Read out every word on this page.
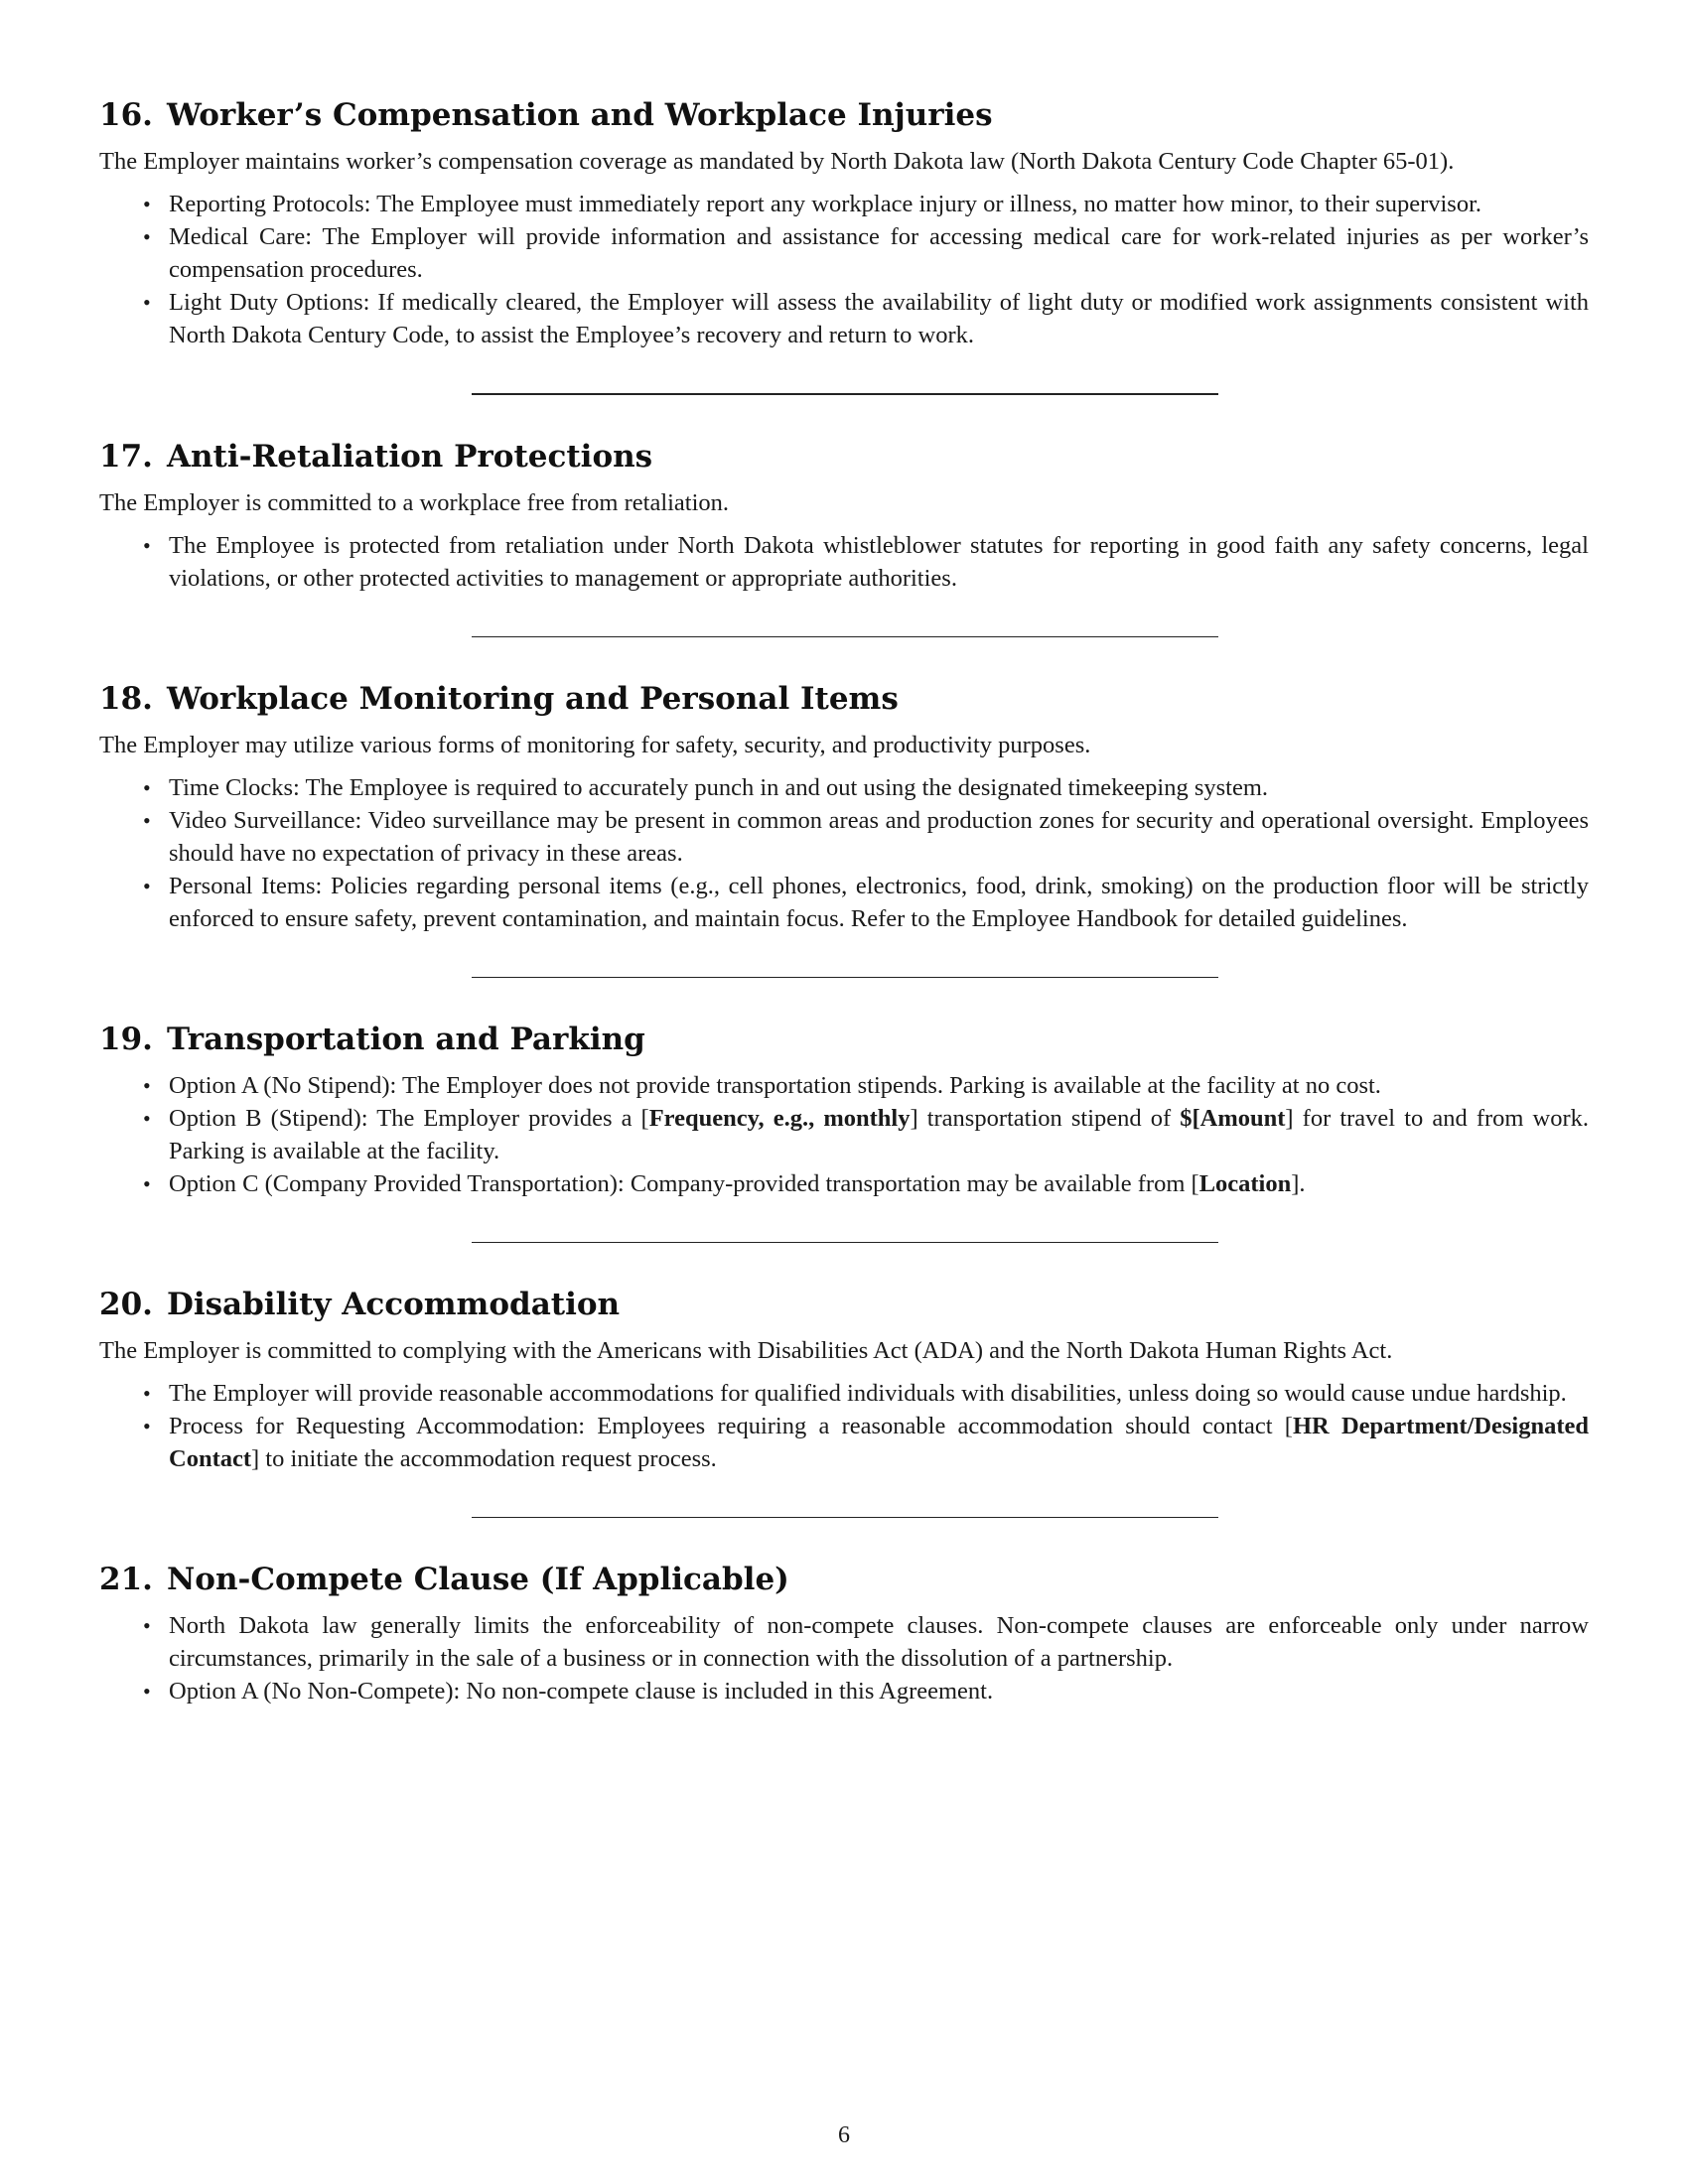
16. Worker’s Compensation and Workplace Injuries

The Employer maintains worker’s compensation coverage as mandated by North Dakota law (North Dakota Century Code Chapter 65-01).

• Reporting Protocols: The Employee must immediately report any workplace injury or illness, no matter how minor, to their supervisor.
• Medical Care: The Employer will provide information and assistance for accessing medical care for work-related injuries as per worker’s compensation procedures.
• Light Duty Options: If medically cleared, the Employer will assess the availability of light duty or modified work assignments consistent with North Dakota Century Code, to assist the Employee’s recovery and return to work.
17. Anti-Retaliation Protections

The Employer is committed to a workplace free from retaliation.

• The Employee is protected from retaliation under North Dakota whistleblower statutes for reporting in good faith any safety concerns, legal violations, or other protected activities to management or appropriate authorities.
18. Workplace Monitoring and Personal Items

The Employer may utilize various forms of monitoring for safety, security, and productivity purposes.

• Time Clocks: The Employee is required to accurately punch in and out using the designated timekeeping system.
• Video Surveillance: Video surveillance may be present in common areas and production zones for security and operational oversight. Employees should have no expectation of privacy in these areas.
• Personal Items: Policies regarding personal items (e.g., cell phones, electronics, food, drink, smoking) on the production floor will be strictly enforced to ensure safety, prevent contamination, and maintain focus. Refer to the Employee Handbook for detailed guidelines.
19. Transportation and Parking
• Option A (No Stipend): The Employer does not provide transportation stipends. Parking is available at the facility at no cost.
• Option B (Stipend): The Employer provides a [Frequency, e.g., monthly] transportation stipend of $[Amount] for travel to and from work. Parking is available at the facility.
• Option C (Company Provided Transportation): Company-provided transportation may be available from [Location].
20. Disability Accommodation

The Employer is committed to complying with the Americans with Disabilities Act (ADA) and the North Dakota Human Rights Act.

• The Employer will provide reasonable accommodations for qualified individuals with disabilities, unless doing so would cause undue hardship.
• Process for Requesting Accommodation: Employees requiring a reasonable accommodation should contact [HR Department/Designated Contact] to initiate the accommodation request process.
21. Non-Compete Clause (If Applicable)
• North Dakota law generally limits the enforceability of non-compete clauses. Non-compete clauses are enforceable only under narrow circumstances, primarily in the sale of a business or in connection with the dissolution of a partnership.
• Option A (No Non-Compete): No non-compete clause is included in this Agreement.
6
